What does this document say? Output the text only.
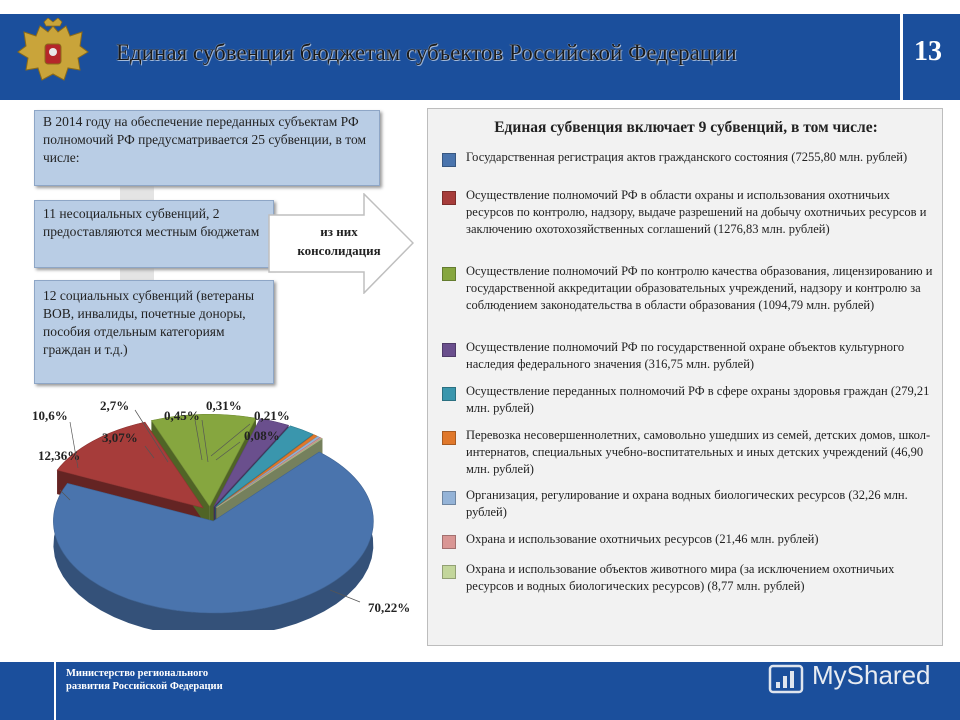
Единая субвенция бюджетам субъектов Российской Федерации	13
В 2014 году на обеспечение переданных субъектам РФ полномочий РФ предусматривается 25 субвенции, в том числе:
11 несоциальных субвенций, 2 предоставляются местным бюджетам
12 социальных субвенций (ветераны ВОВ, инвалиды, почетные доноры, пособия отдельным категориям граждан и т.д.)
из них консолидация
Единая субвенция включает 9 субвенций, в том числе:
Государственная регистрация актов гражданского состояния (7255,80 млн. рублей)
Осуществление полномочий РФ в области охраны и использования охотничьих ресурсов по контролю, надзору, выдаче разрешений на добычу охотничьих ресурсов и заключению охотохозяйственных соглашений (1276,83 млн. рублей)
Осуществление полномочий РФ по контролю качества образования, лицензированию и государственной аккредитации образовательных учреждений, надзору и контролю за соблюдением законодательства в области образования (1094,79 млн. рублей)
Осуществление полномочий РФ по государственной охране объектов культурного наследия федерального значения (316,75 млн. рублей)
Осуществление переданных полномочий РФ в сфере охраны здоровья граждан (279,21 млн. рублей)
Перевозка несовершеннолетних, самовольно ушедших из семей, детских домов, школ-интернатов, специальных учебно-воспитательных и иных детских учреждений (46,90 млн. рублей)
Организация, регулирование и охрана водных биологических ресурсов (32,26 млн. рублей)
Охрана и использование охотничьих ресурсов (21,46 млн. рублей)
Охрана и использование объектов животного мира (за исключением охотничьих ресурсов и водных биологических ресурсов) (8,77 млн. рублей)
70,22%
12,36%
10,6%
3,07%
2,7%
0,45%
0,31%
0,21%
0,08%
Министерство регионального развития Российской Федерации	MyShared
